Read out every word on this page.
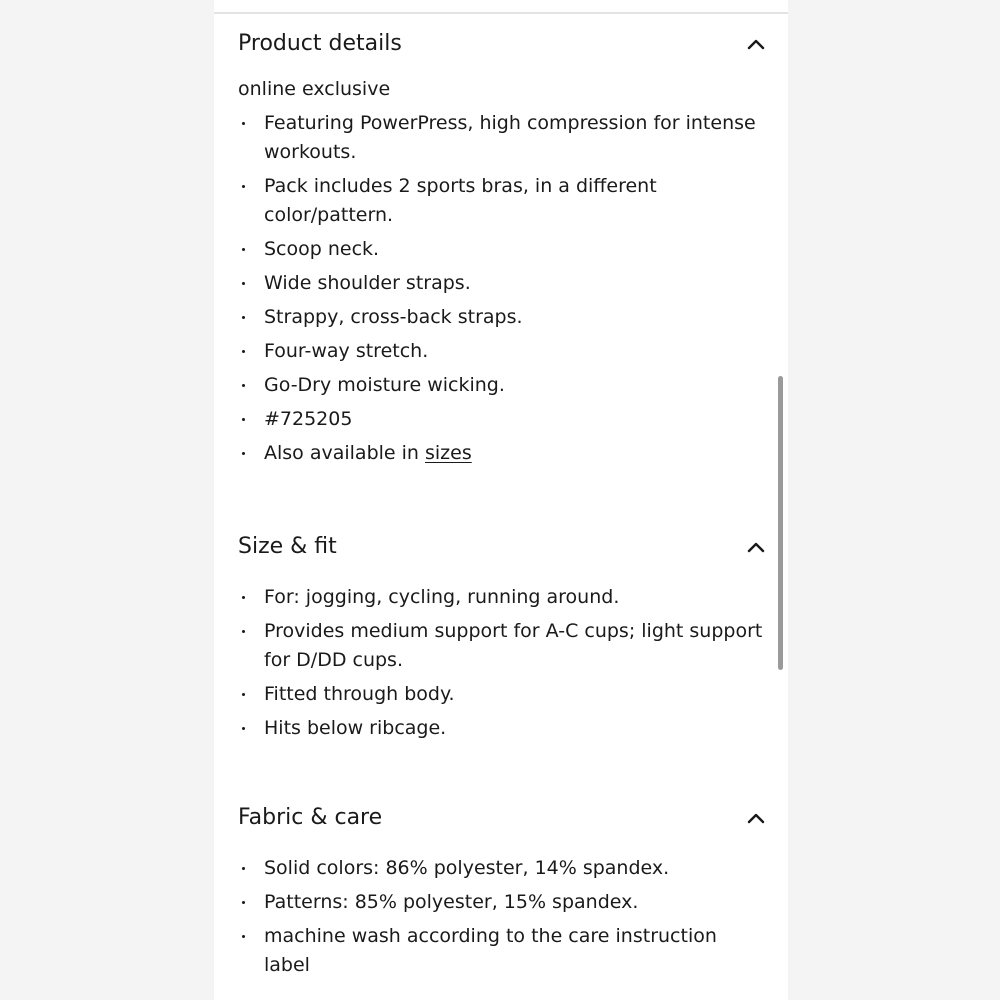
Product details
online exclusive
Featuring PowerPress, high compression for intense workouts.
Pack includes 2 sports bras, in a different color/pattern.
Scoop neck.
Wide shoulder straps.
Strappy, cross-back straps.
Four-way stretch.
Go-Dry moisture wicking.
#725205
Also available in sizes
Size & fit
For: jogging, cycling, running around.
Provides medium support for A-C cups; light support for D/DD cups.
Fitted through body.
Hits below ribcage.
Fabric & care
Solid colors: 86% polyester, 14% spandex.
Patterns: 85% polyester, 15% spandex.
machine wash according to the care instruction label
